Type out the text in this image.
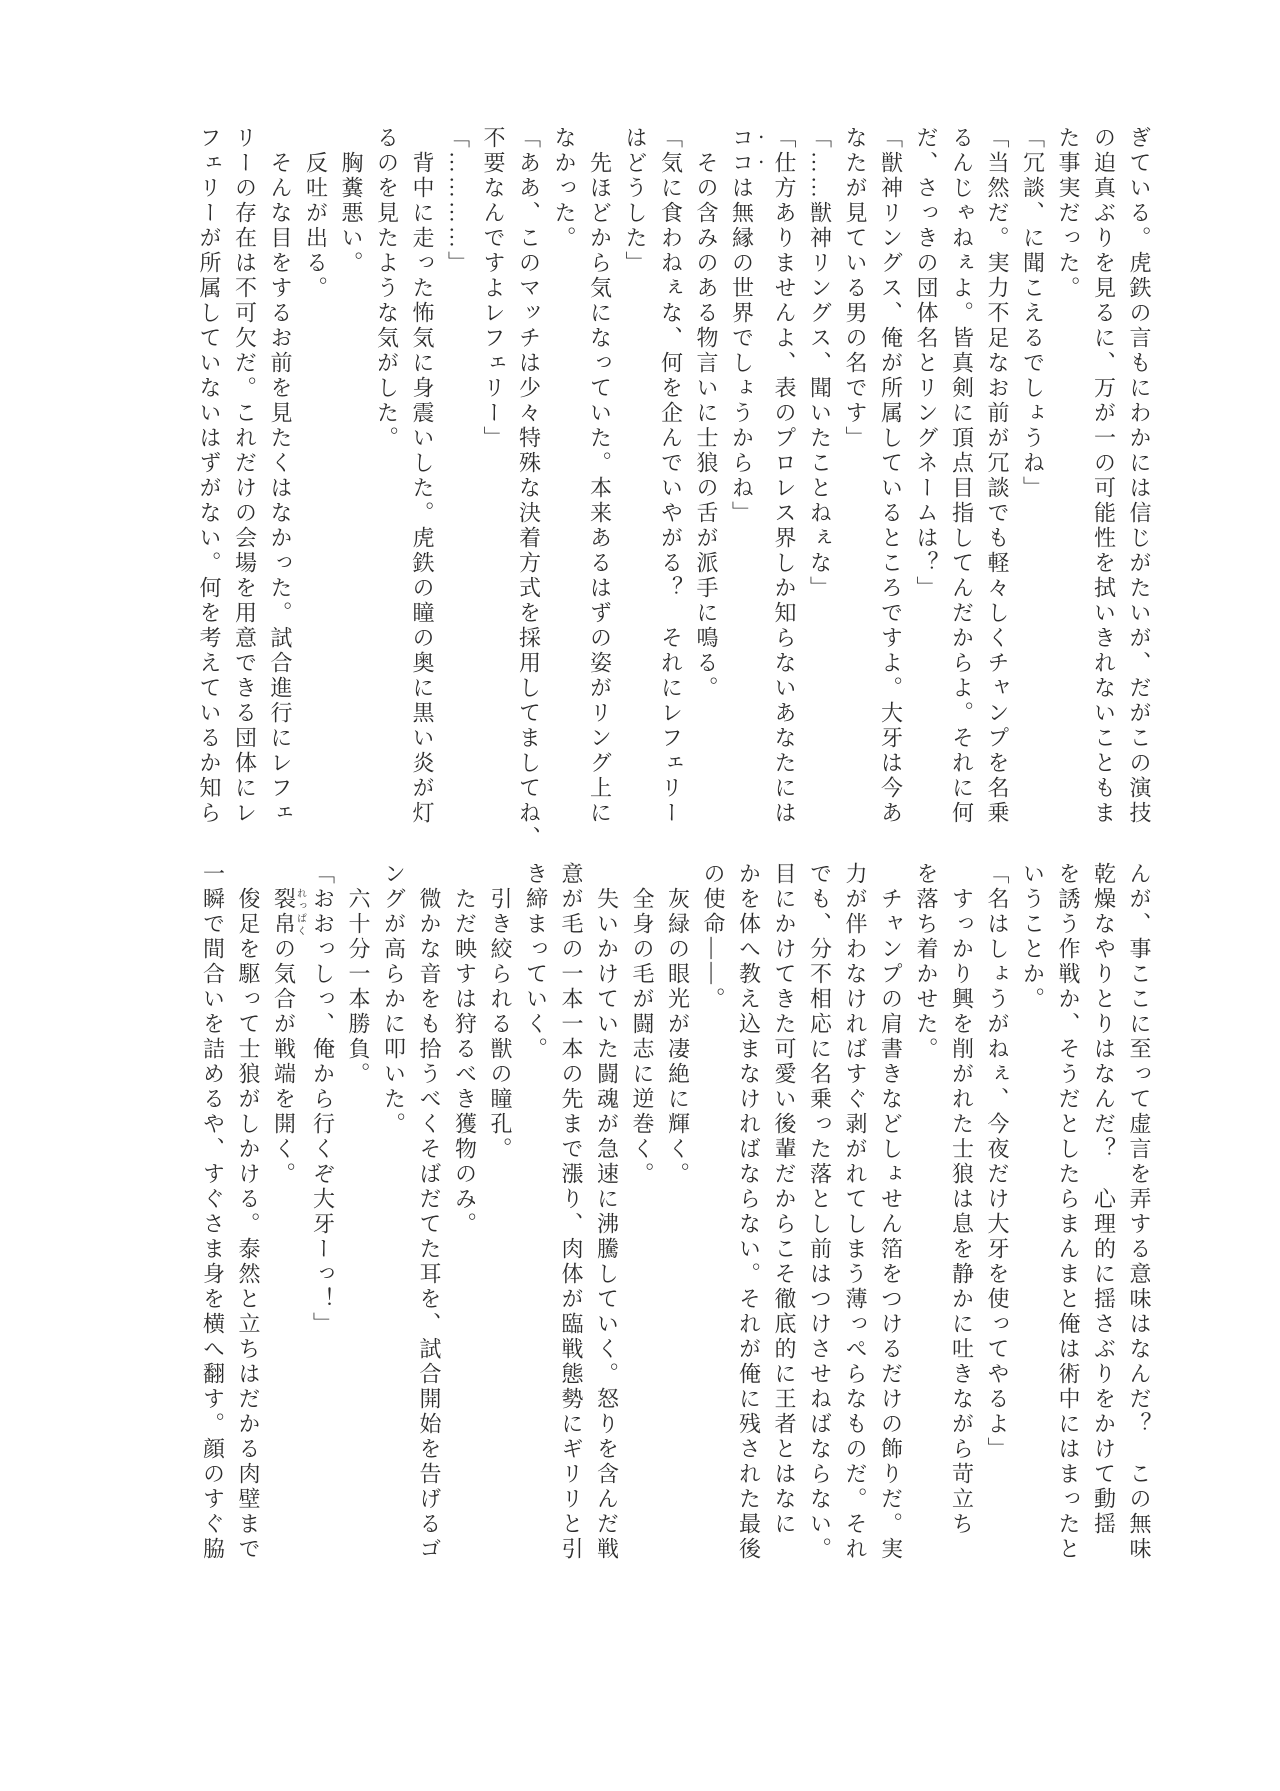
ぎている。虎鉄の言もにわかには信じがたいが、だがこの演技

の迫真ぶりを見るに、万が一の可能性を拭いきれないこともま

た事実だった。

「冗談、に聞こえるでしょうね」

「当然だ。実力不足なお前が冗談でも軽々しくチャンプを名乗

るんじゃねぇよ。皆真剣に頂点目指してんだからよ。それに何

だ、さっきの団体名とリングネームは？」

「獣神リングス、俺が所属しているところですよ。大牙は今あ

なたが見ている男の名です」

「……獣神リングス、聞いたことねぇな」

「仕方ありませんよ、表のプロレス界しか知らないあなたには

ココは無縁の世界でしょうからね」

　その含みのある物言いに士狼の舌が派手に鳴る。

「気に食わねぇな、何を企んでいやがる？　それにレフェリー

はどうした」

　先ほどから気になっていた。本来あるはずの姿がリング上に

なかった。

「ああ、このマッチは少々特殊な決着方式を採用してましてね、

不要なんですよレフェリー」

「…………」

　背中に走った怖気に身震いした。虎鉄の瞳の奥に黒い炎が灯

るのを見たような気がした。

　胸糞悪い。

　反吐が出る。

　そんな目をするお前を見たくはなかった。試合進行にレフェ

リーの存在は不可欠だ。これだけの会場を用意できる団体にレ

フェリーが所属していないはずがない。何を考えているか知ら

んが、事ここに至って虚言を弄する意味はなんだ？　この無味

乾燥なやりとりはなんだ？　心理的に揺さぶりをかけて動揺

を誘う作戦か、そうだとしたらまんまと俺は術中にはまったと

いうことか。

「名はしょうがねぇ、今夜だけ大牙を使ってやるよ」

　すっかり興を削がれた士狼は息を静かに吐きながら苛立ち

を落ち着かせた。

　チャンプの肩書きなどしょせん箔をつけるだけの飾りだ。実

力が伴わなければすぐ剥がれてしまう薄っぺらなものだ。それ

でも、分不相応に名乗った落とし前はつけさせねばならない。

目にかけてきた可愛い後輩だからこそ徹底的に王者とはなに

かを体へ教え込まなければならない。それが俺に残された最後

の使命――。

　灰緑の眼光が凄絶に輝く。

　全身の毛が闘志に逆巻く。

　失いかけていた闘魂が急速に沸騰していく。怒りを含んだ戦

意が毛の一本一本の先まで漲り、肉体が臨戦態勢にギリリと引

き締まっていく。

　引き絞られる獣の瞳孔。

　ただ映すは狩るべき獲物のみ。

　微かな音をも拾うべくそばだてた耳を、試合開始を告げるゴ

ングが高らかに叩いた。

　六十分一本勝負。

「おおっしっ、俺から行くぞ大牙ーっ！」

　裂帛れっぱくの気合が戦端を開く。

　俊足を駆って士狼がしかける。泰然と立ちはだかる肉壁まで

一瞬で間合いを詰めるや、すぐさま身を横へ翻す。顔のすぐ脇
